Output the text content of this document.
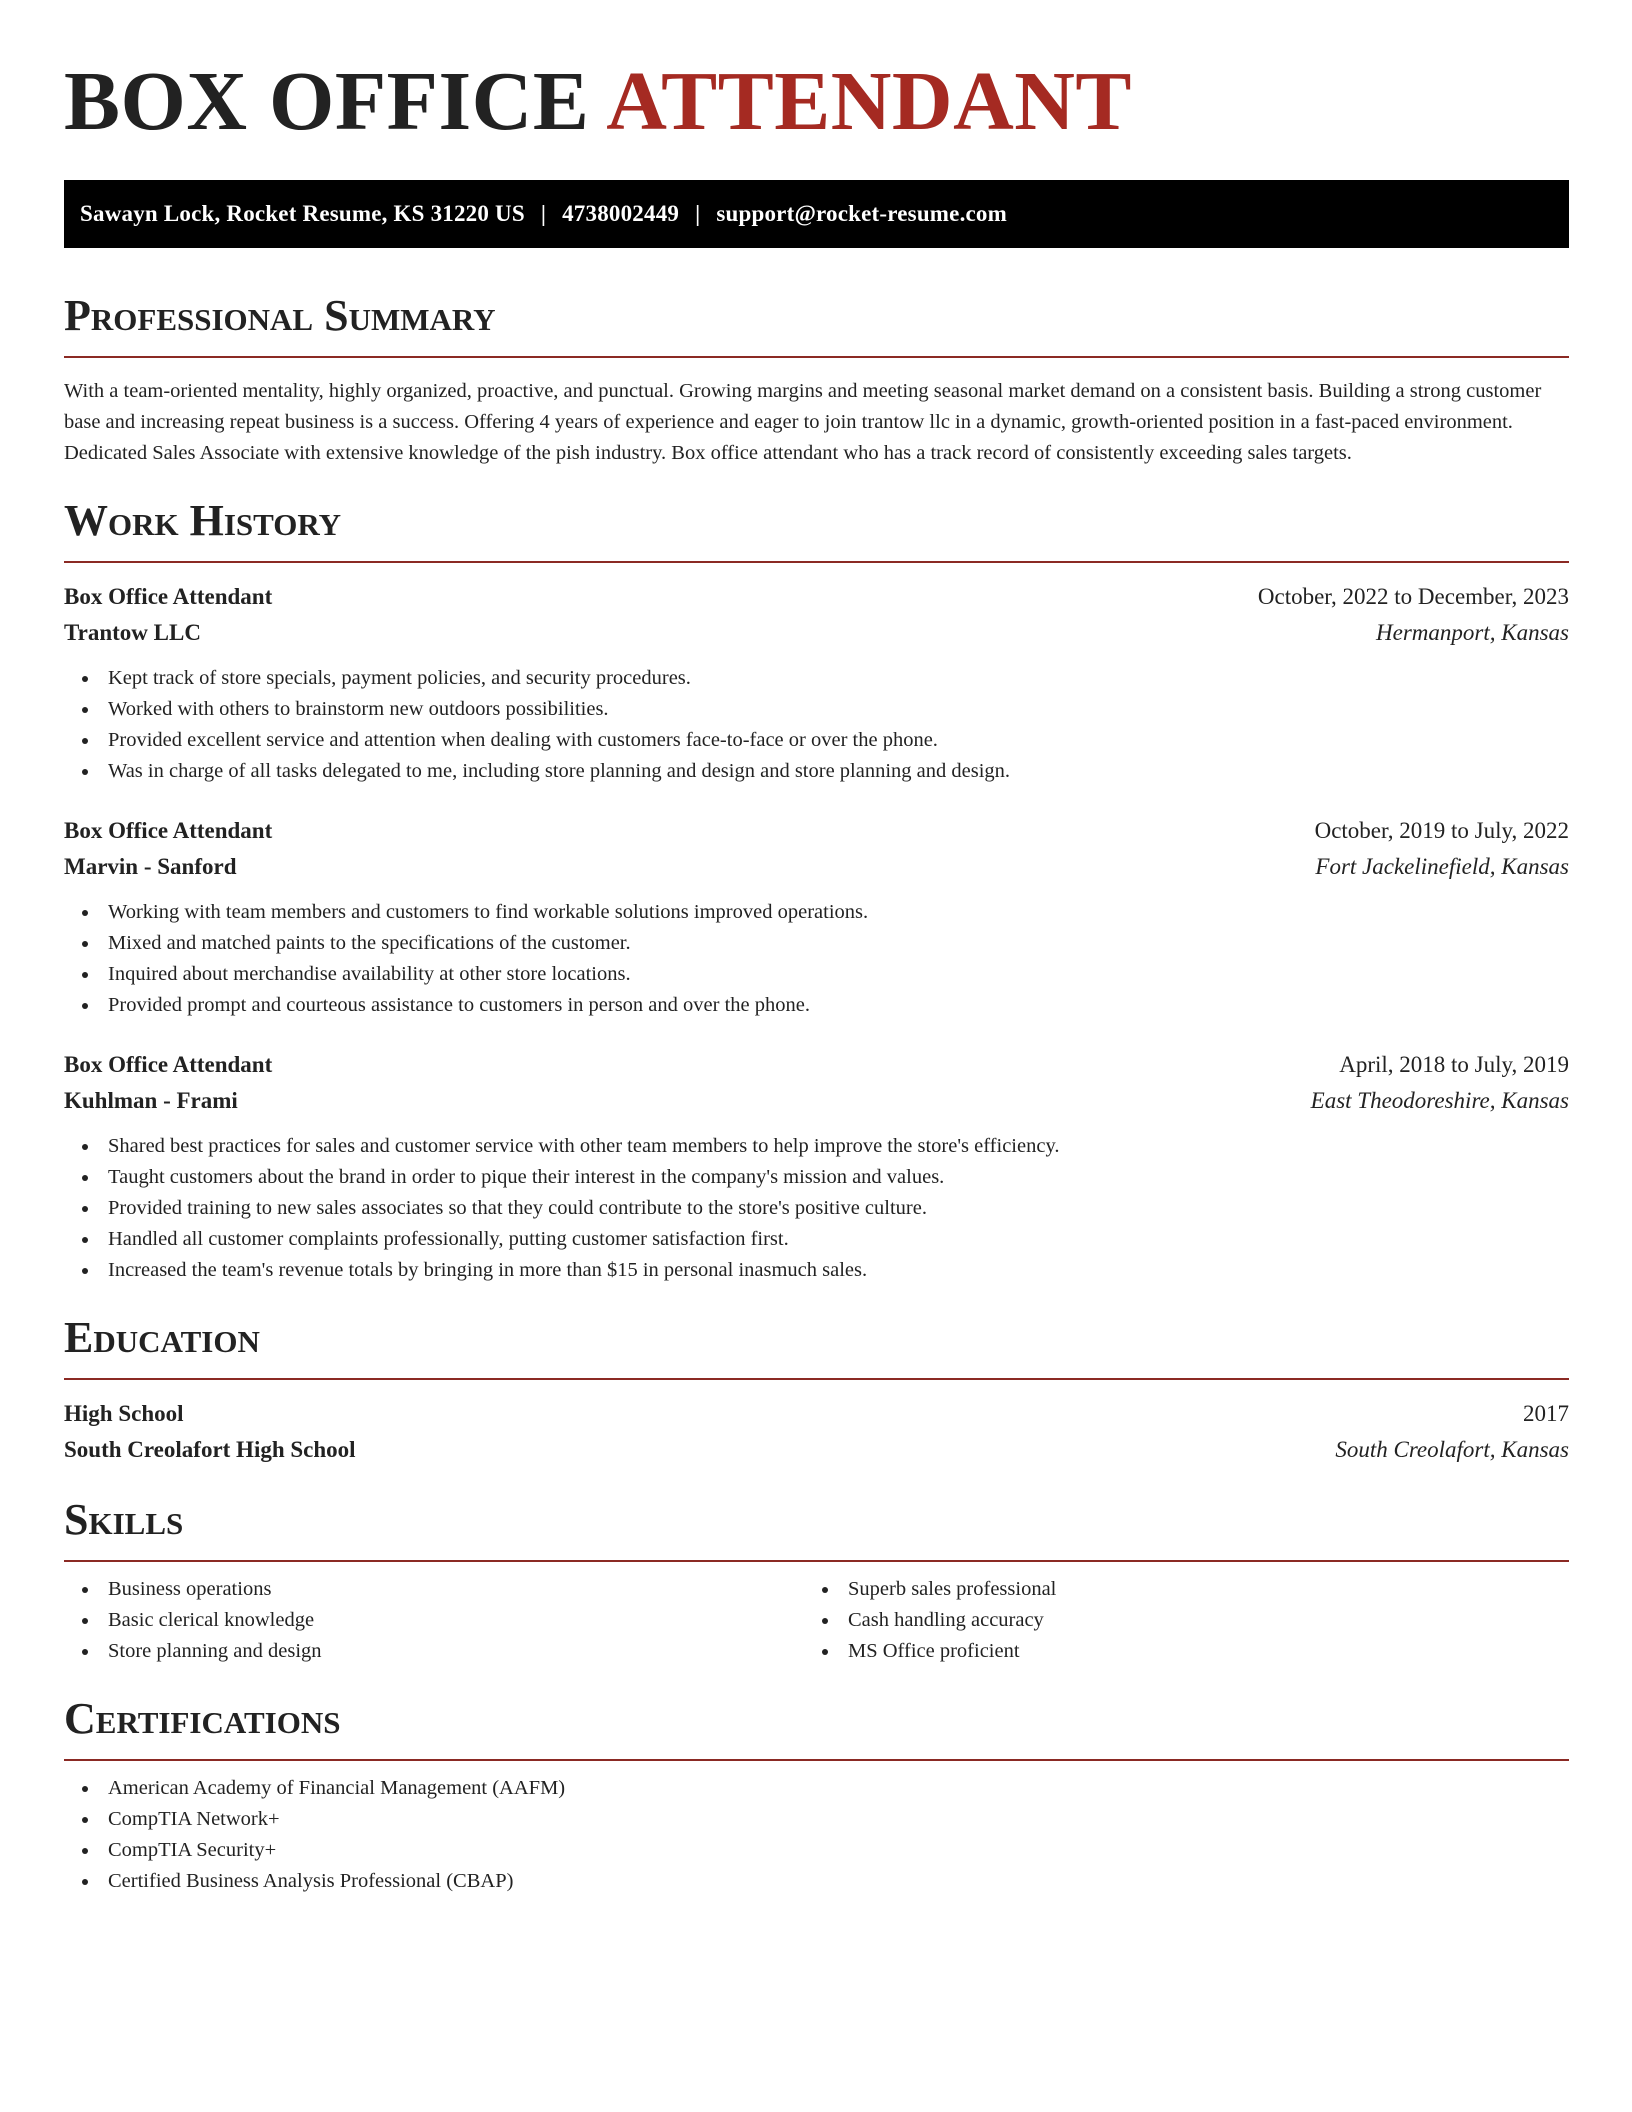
BOX OFFICE ATTENDANT
Sawayn Lock, Rocket Resume, KS 31220 US | 4738002449 | support@rocket-resume.com
Professional Summary

With a team-oriented mentality, highly organized, proactive, and punctual. Growing margins and meeting seasonal market demand on a consistent basis. Building a strong customer base and increasing repeat business is a success. Offering 4 years of experience and eager to join trantow llc in a dynamic, growth-oriented position in a fast-paced environment. Dedicated Sales Associate with extensive knowledge of the pish industry. Box office attendant who has a track record of consistently exceeding sales targets.

Work History
Box Office Attendant	October, 2022 to December, 2023
Trantow LLC	Hermanport, Kansas
Kept track of store specials, payment policies, and security procedures.
Worked with others to brainstorm new outdoors possibilities.
Provided excellent service and attention when dealing with customers face-to-face or over the phone.
Was in charge of all tasks delegated to me, including store planning and design and store planning and design.
Box Office Attendant	October, 2019 to July, 2022
Marvin - Sanford	Fort Jackelinefield, Kansas
Working with team members and customers to find workable solutions improved operations.
Mixed and matched paints to the specifications of the customer.
Inquired about merchandise availability at other store locations.
Provided prompt and courteous assistance to customers in person and over the phone.
Box Office Attendant	April, 2018 to July, 2019
Kuhlman - Frami	East Theodoreshire, Kansas
Shared best practices for sales and customer service with other team members to help improve the store's efficiency.
Taught customers about the brand in order to pique their interest in the company's mission and values.
Provided training to new sales associates so that they could contribute to the store's positive culture.
Handled all customer complaints professionally, putting customer satisfaction first.
Increased the team's revenue totals by bringing in more than $15 in personal inasmuch sales.
Education
High School	2017
South Creolafort High School	South Creolafort, Kansas
Skills
Business operations
Basic clerical knowledge
Store planning and design
Superb sales professional
Cash handling accuracy
MS Office proficient
Certifications
American Academy of Financial Management (AAFM)
CompTIA Network+
CompTIA Security+
Certified Business Analysis Professional (CBAP)
